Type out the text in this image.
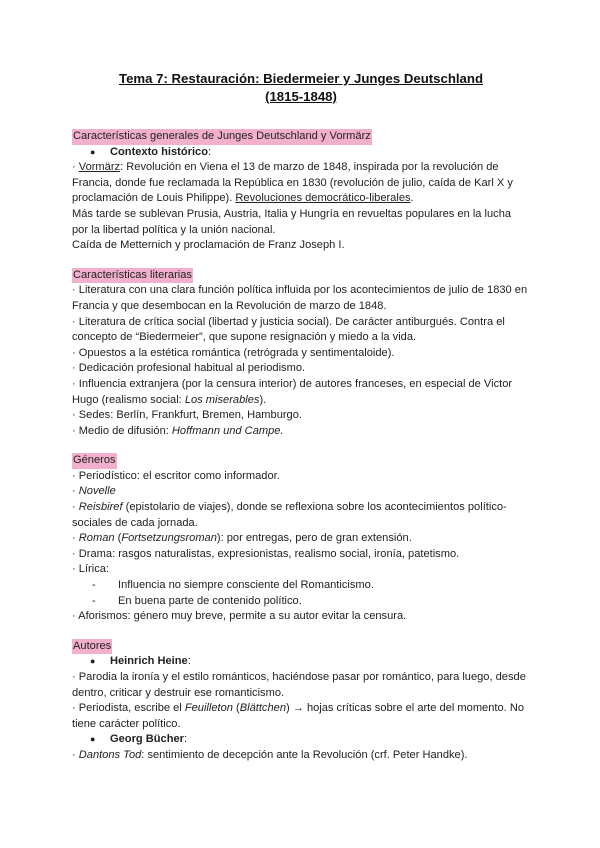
Tema 7: Restauración: Biedermeier y Junges Deutschland
(1815-1848)
Características generales de Junges Deutschland y Vormärz

● Contexto histórico:

· Vormärz: Revolución en Viena el 13 de marzo de 1848, inspirada por la revolución de Francia, donde fue reclamada la República en 1830 (revolución de julio, caída de Karl X y proclamación de Louis Philippe). Revoluciones democrático-liberales.

Más tarde se sublevan Prusia, Austria, Italia y Hungría en revueltas populares en la lucha por la libertad política y la unión nacional.

Caída de Metternich y proclamación de Franz Joseph I.

Características literarias

· Literatura con una clara función política influida por los acontecimientos de julio de 1830 en Francia y que desembocan en la Revolución de marzo de 1848.

· Literatura de crítica social (libertad y justicia social). De carácter antiburgués. Contra el concepto de “Biedermeier”, que supone resignación y miedo a la vida.

· Opuestos a la estética romántica (retrógrada y sentimentaloide).

· Dedicación profesional habitual al periodismo.

· Influencia extranjera (por la censura interior) de autores franceses, en especial de Victor Hugo (realismo social: Los miserables).

· Sedes: Berlín, Frankfurt, Bremen, Hamburgo.

· Medio de difusión: Hoffmann und Campe.

Géneros

· Periodístico: el escritor como informador.

· Novelle

· Reisbiref (epistolario de viajes), donde se reflexiona sobre los acontecimientos político-sociales de cada jornada.

· Roman (Fortsetzungsroman): por entregas, pero de gran extensión.

· Drama: rasgos naturalistas, expresionistas, realismo social, ironía, patetismo.

· Lírica:

- Influencia no siempre consciente del Romanticismo.

- En buena parte de contenido político.

· Aforismos: género muy breve, permite a su autor evitar la censura.

Autores

● Heinrich Heine:

· Parodia la ironía y el estilo románticos, haciéndose pasar por romántico, para luego, desde dentro, criticar y destruir ese romanticismo.

· Periodista, escribe el Feuilleton (Blättchen) → hojas críticas sobre el arte del momento. No tiene carácter político.

● Georg Bücher:

· Dantons Tod: sentimiento de decepción ante la Revolución (crf. Peter Handke).
